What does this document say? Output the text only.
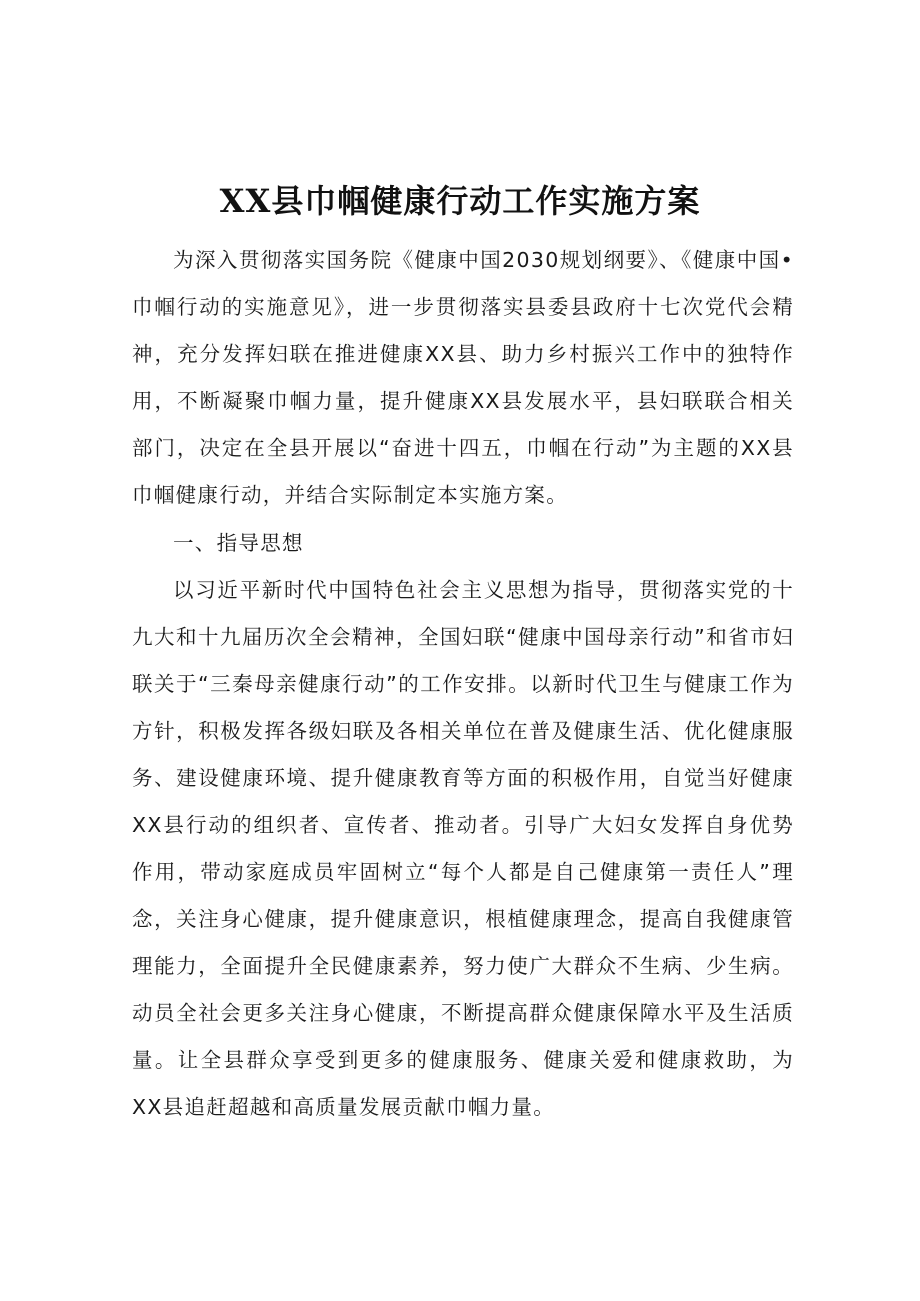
XX县巾帼健康行动工作实施方案

为深入贯彻落实国务院《健康中国2030规划纲要》、《健康中国•巾帼行动的实施意见》，进一步贯彻落实县委县政府十七次党代会精神，充分发挥妇联在推进健康XX县、助力乡村振兴工作中的独特作用，不断凝聚巾帼力量，提升健康XX县发展水平，县妇联联合相关部门，决定在全县开展以“奋进十四五，巾帼在行动”为主题的XX县巾帼健康行动，并结合实际制定本实施方案。

一、指导思想

以习近平新时代中国特色社会主义思想为指导，贯彻落实党的十九大和十九届历次全会精神，全国妇联“健康中国母亲行动”和省市妇联关于“三秦母亲健康行动”的工作安排。以新时代卫生与健康工作为方针，积极发挥各级妇联及各相关单位在普及健康生活、优化健康服务、建设健康环境、提升健康教育等方面的积极作用，自觉当好健康XX县行动的组织者、宣传者、推动者。引导广大妇女发挥自身优势作用，带动家庭成员牢固树立“每个人都是自己健康第一责任人”理念，关注身心健康，提升健康意识，根植健康理念，提高自我健康管理能力，全面提升全民健康素养，努力使广大群众不生病、少生病。动员全社会更多关注身心健康，不断提高群众健康保障水平及生活质量。让全县群众享受到更多的健康服务、健康关爱和健康救助，为XX县追赶超越和高质量发展贡献巾帼力量。
